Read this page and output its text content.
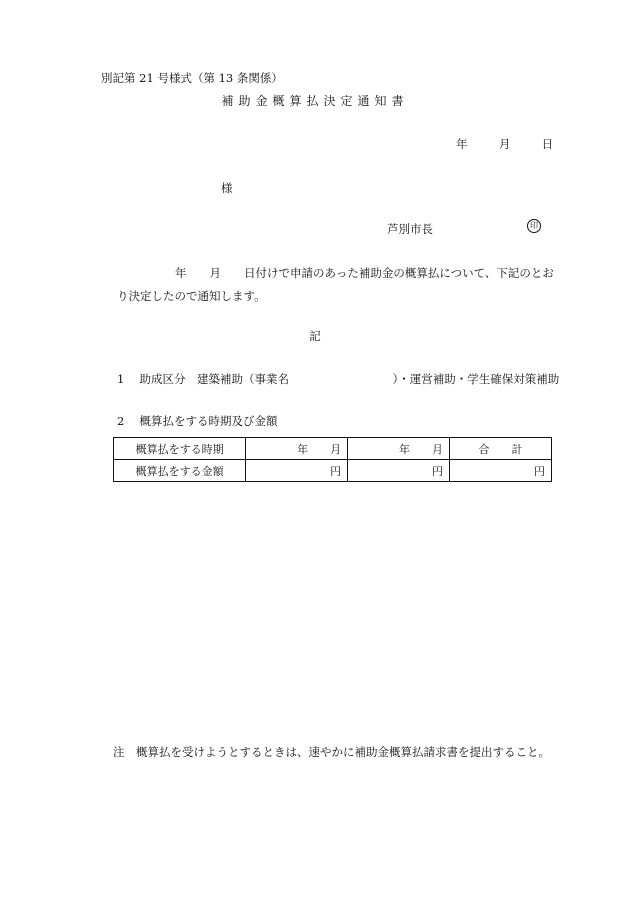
別記第 21 号様式（第 13 条関係）
補助金概算払決定通知書
年	月	日
様
芦別市長	印
年　　月　　日付けで申請のあった補助金の概算払について、下記のとお
り決定したので通知します。
記
1　 助成区分　建築補助（事業名　　　　　　　　　）・運営補助・学生確保対策補助
2　 概算払をする時期及び金額
概算払をする時期	年　　月	年　　月	合　　計
概算払をする金額	円	円	円
注　概算払を受けようとするときは、速やかに補助金概算払請求書を提出すること。
